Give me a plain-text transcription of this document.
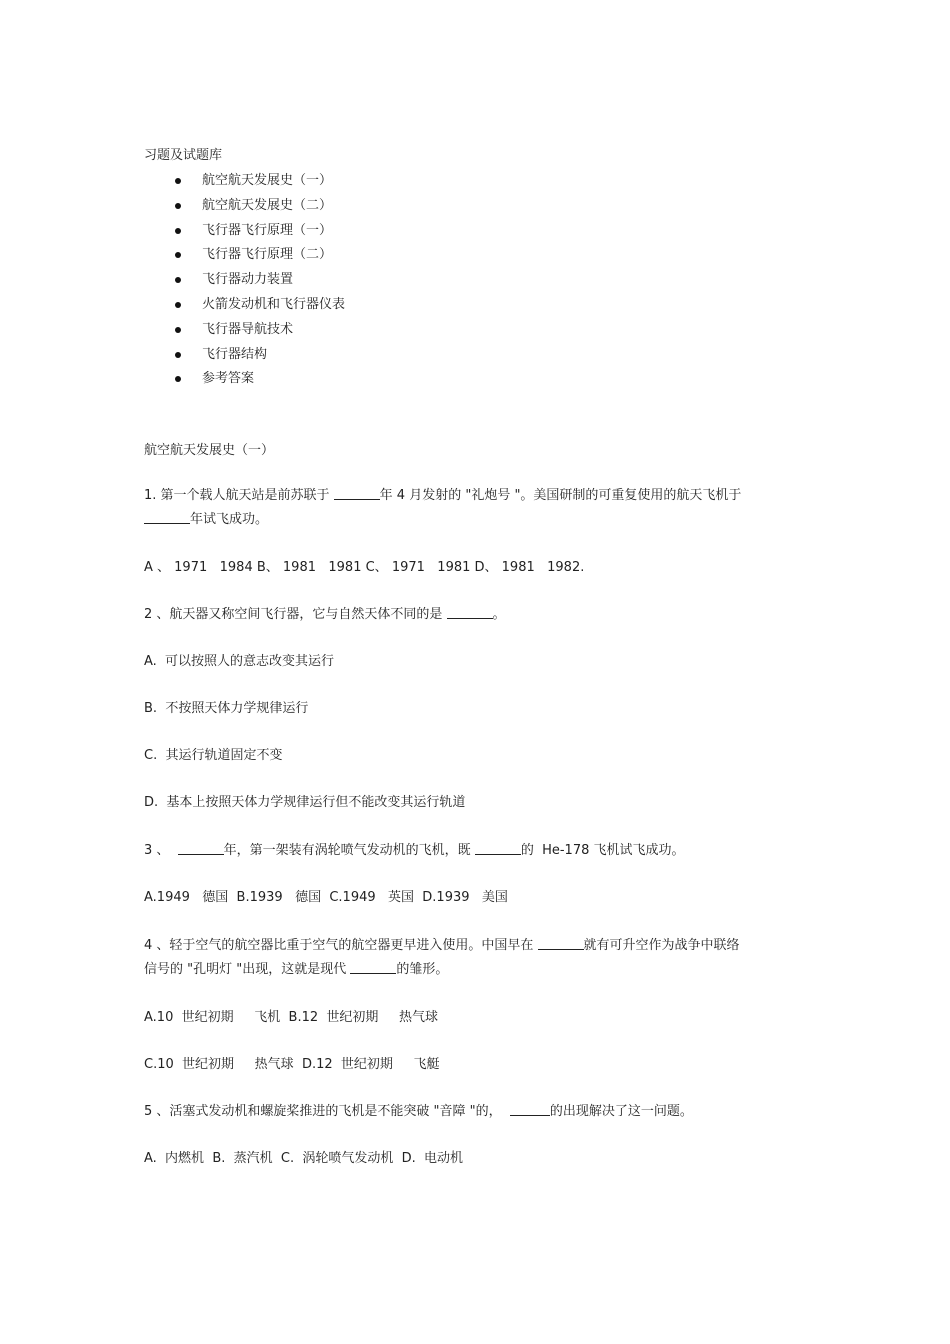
习题及试题库
航空航天发展史（一）
航空航天发展史（二）
飞行器飞行原理（一）
飞行器飞行原理（二）
飞行器动力装置
火箭发动机和飞行器仪表
飞行器导航技术
飞行器结构
参考答案
航空航天发展史（一）
1. 第一个载人航天站是前苏联于	年 4 月发射的 "礼炮号 "。美国研制的可重复使用的航天飞机于
年试飞成功。
A 、 1971   1984 B、 1981   1981 C、 1971   1981 D、 1981   1982.
2 、航天器又称空间飞行器，它与自然天体不同的是	。
A.  可以按照人的意志改变其运行
B.  不按照天体力学规律运行
C.  其运行轨道固定不变
D.  基本上按照天体力学规律运行但不能改变其运行轨道
3 、	年，第一架装有涡轮喷气发动机的飞机，既	的  He-178 飞机试飞成功。
A.1949   德国  B.1939   德国  C.1949   英国  D.1939   美国
4 、轻于空气的航空器比重于空气的航空器更早进入使用。中国早在	就有可升空作为战争中联络
信号的 "孔明灯 "出现，这就是现代	的雏形。
A.10  世纪初期     飞机  B.12  世纪初期     热气球
C.10  世纪初期     热气球  D.12  世纪初期     飞艇
5 、活塞式发动机和螺旋桨推进的飞机是不能突破 "音障 "的，	的出现解决了这一问题。
A.  内燃机  B.  蒸汽机  C.  涡轮喷气发动机  D.  电动机
